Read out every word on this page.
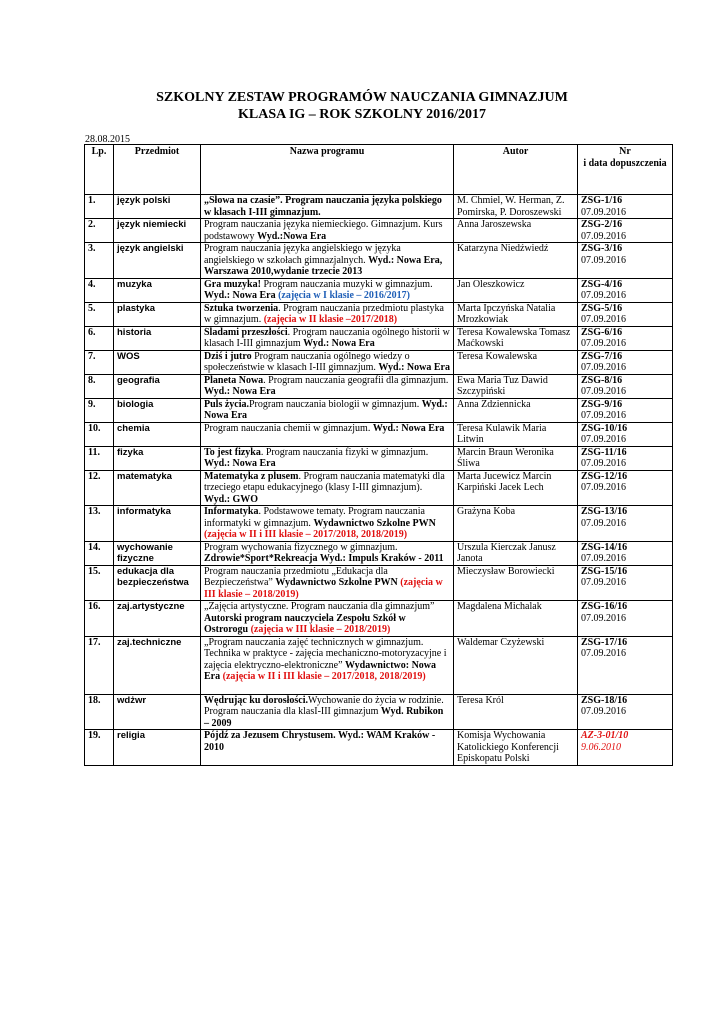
SZKOLNY ZESTAW PROGRAMÓW NAUCZANIA GIMNAZJUM
KLASA IG – ROK SZKOLNY 2016/2017
28.08.2015
Lp.	Przedmiot	Nazwa programu	Autor	Nr
i data dopuszczenia

1.	język polski	„Słowa na czasie”. Program nauczania języka polskiego w klasach I-III gimnazjum.	M. Chmiel, W. Herman, Z. Pomirska, P. Doroszewski	ZSG-1/16 07.09.2016
2.	język niemiecki	Program nauczania języka niemieckiego. Gimnazjum. Kurs podstawowy Wyd.:Nowa Era	Anna Jaroszewska	ZSG-2/16 07.09.2016
3.	język angielski	Program nauczania języka angielskiego w języka angielskiego w szkołach gimnazjalnych. Wyd.: Nowa Era, Warszawa 2010,wydanie trzecie 2013	Katarzyna Niedźwiedź	ZSG-3/16 07.09.2016
4.	muzyka	Gra muzyka! Program nauczania muzyki w gimnazjum. Wyd.: Nowa Era (zajęcia w I klasie – 2016/2017)	Jan Oleszkowicz	ZSG-4/16 07.09.2016
5.	plastyka	Sztuka tworzenia. Program nauczania przedmiotu plastyka w gimnazjum. (zajęcia w II klasie –2017/2018)	Marta Ipczyńska Natalia Mrozkowiak	ZSG-5/16 07.09.2016
6.	historia	Śladami przeszłości. Program nauczania ogólnego historii w klasach I-III gimnazjum Wyd.: Nowa Era	Teresa Kowalewska Tomasz Maćkowski	ZSG-6/16 07.09.2016
7.	WOS	Dziś i jutro Program nauczania ogólnego wiedzy o społeczeństwie w klasach I-III gimnazjum. Wyd.: Nowa Era	Teresa Kowalewska	ZSG-7/16 07.09.2016
8.	geografia	Planeta Nowa. Program nauczania geografii dla gimnazjum. Wyd.: Nowa Era	Ewa Maria Tuz Dawid Szczypiński	ZSG-8/16 07.09.2016
9.	biologia	Puls życia.Program nauczania biologii w gimnazjum. Wyd.: Nowa Era	Anna Zdziennicka	ZSG-9/16 07.09.2016
10.	chemia	Program nauczania chemii w gimnazjum. Wyd.: Nowa Era	Teresa Kulawik Maria Litwin	ZSG-10/16 07.09.2016
11.	fizyka	To jest fizyka. Program nauczania fizyki w gimnazjum. Wyd.: Nowa Era	Marcin Braun Weronika Śliwa	ZSG-11/16 07.09.2016
12.	matematyka	Matematyka z plusem. Program nauczania matematyki dla trzeciego etapu edukacyjnego (klasy I-III gimnazjum). Wyd.: GWO	Marta Jucewicz Marcin Karpiński Jacek Lech	ZSG-12/16 07.09.2016
13.	informatyka	Informatyka. Podstawowe tematy. Program nauczania informatyki w gimnazjum. Wydawnictwo Szkolne PWN (zajęcia w II i III klasie – 2017/2018, 2018/2019)	Grażyna Koba	ZSG-13/16 07.09.2016
14.	wychowanie fizyczne	Program wychowania fizycznego w gimnazjum. Zdrowie*Sport*Rekreacja Wyd.: Impuls Kraków - 2011	Urszula Kierczak Janusz Janota	ZSG-14/16 07.09.2016
15.	edukacja dla bezpieczeństwa	Program nauczania przedmiotu „Edukacja dla Bezpieczeństwa” Wydawnictwo Szkolne PWN (zajęcia w III klasie – 2018/2019)	Mieczysław Borowiecki	ZSG-15/16 07.09.2016
16.	zaj.artystyczne	„Zajęcia artystyczne. Program nauczania dla gimnazjum” Autorski program nauczyciela Zespołu Szkół w Ostrorogu (zajęcia w III klasie – 2018/2019)	Magdalena Michalak	ZSG-16/16 07.09.2016
17.	zaj.techniczne	„Program nauczania zajęć technicznych w gimnazjum. Technika w praktyce - zajęcia mechaniczno-motoryzacyjne i zajęcia elektryczno-elektroniczne” Wydawnictwo: Nowa Era (zajęcia w II i III klasie – 2017/2018, 2018/2019)	Waldemar Czyżewski	ZSG-17/16 07.09.2016
18.	wdżwr	Wędrując ku dorosłości.Wychowanie do życia w rodzinie. Program nauczania dla klasI-III gimnazjum Wyd. Rubikon – 2009	Teresa Król	ZSG-18/16 07.09.2016
19.	religia	Pójdź za Jezusem Chrystusem. Wyd.: WAM Kraków - 2010	Komisja Wychowania Katolickiego Konferencji Episkopatu Polski	AZ-3-01/10 9.06.2010
